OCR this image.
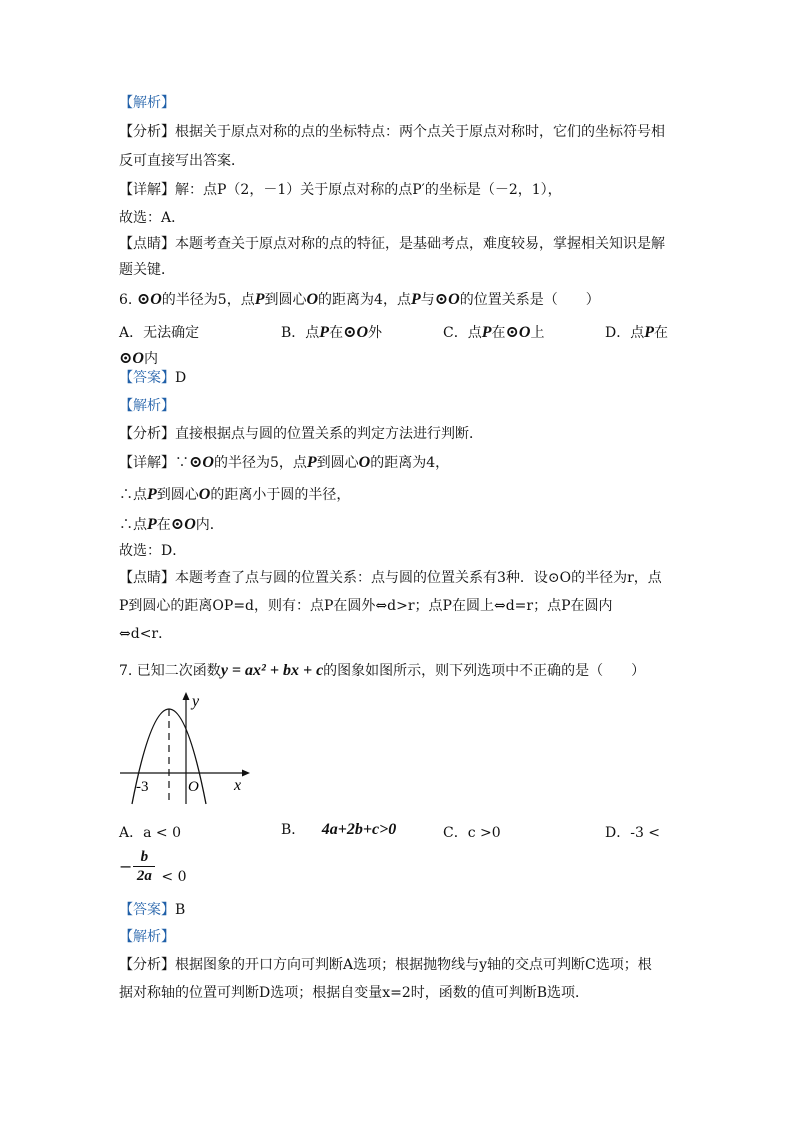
【解析】
【分析】根据关于原点对称的点的坐标特点：两个点关于原点对称时，它们的坐标符号相
反可直接写出答案．
【详解】解：点P（2，－1）关于原点对称的点P′的坐标是（－2，1），
故选：A．
【点睛】本题考查关于原点对称的点的特征，是基础考点，难度较易，掌握相关知识是解
题关键．
6. ⊙O的半径为5，点P到圆心O的距离为4，点P与⊙O的位置关系是（　　）
A．无法确定	B．点P在⊙O外	C．点P在⊙O上	D．点P在
⊙O内
【答案】D
【解析】
【分析】直接根据点与圆的位置关系的判定方法进行判断．
【详解】∵⊙O的半径为5，点P到圆心O的距离为4，
∴点P到圆心O的距离小于圆的半径，
∴点P在⊙O内．
故选：D．
【点睛】本题考查了点与圆的位置关系：点与圆的位置关系有3种．设⊙O的半径为r，点
P到圆心的距离OP=d，则有：点P在圆外⇔d>r；点P在圆上⇔d=r；点P在圆内
⇔d<r．
7. 已知二次函数y = ax² + bx + c的图象如图所示，则下列选项中不正确的是（　　）
y
x
O
-3
A．a < 0	B． 4a+2b+c>0	C．c >0	D．-3 <
− b
2a < 0
【答案】B
【解析】
【分析】根据图象的开口方向可判断A选项；根据抛物线与y轴的交点可判断C选项；根
据对称轴的位置可判断D选项；根据自变量x=2时，函数的值可判断B选项．
